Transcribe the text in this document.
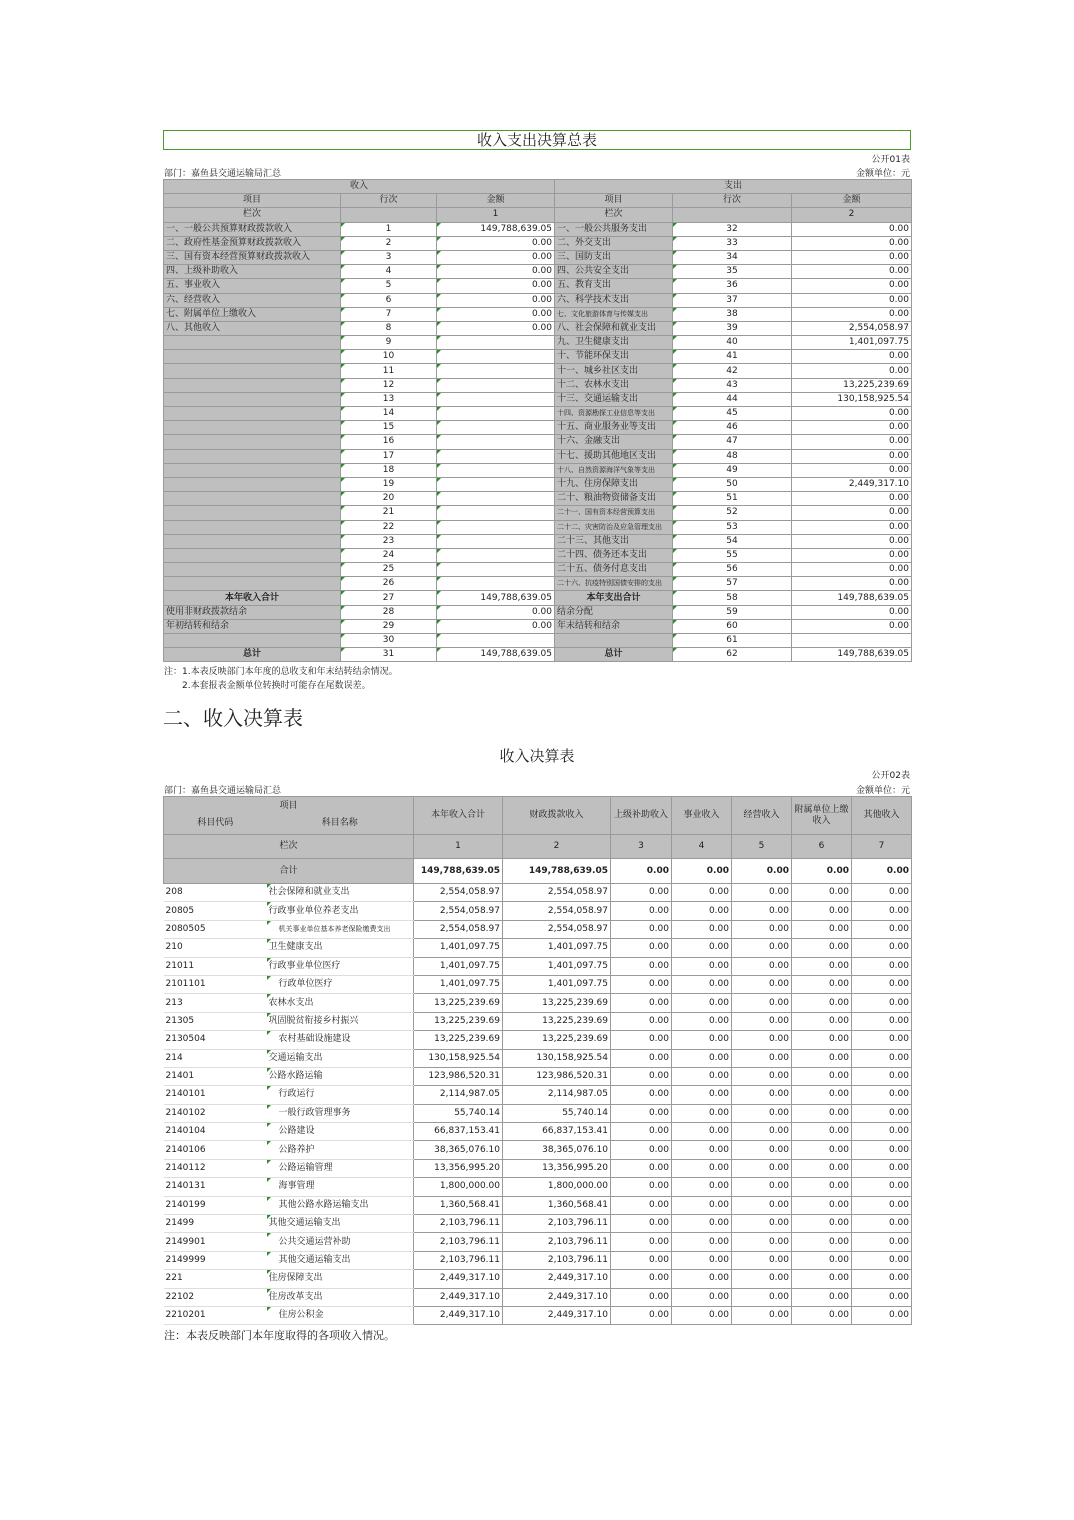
收入支出决算总表
公开01表
部门：嘉鱼县交通运输局汇总	金额单位：元
收入			支出		
项目	行次	金额	项目	行次	金额
栏次		1	栏次		2
一、一般公共预算财政拨款收入	1	149,788,639.05	一、一般公共服务支出	32	0.00
二、政府性基金预算财政拨款收入	2	0.00	二、外交支出	33	0.00
三、国有资本经营预算财政拨款收入	3	0.00	三、国防支出	34	0.00
四、上级补助收入	4	0.00	四、公共安全支出	35	0.00
五、事业收入	5	0.00	五、教育支出	36	0.00
六、经营收入	6	0.00	六、科学技术支出	37	0.00
七、附属单位上缴收入	7	0.00	七、文化旅游体育与传媒支出	38	0.00
八、其他收入	8	0.00	八、社会保障和就业支出	39	2,554,058.97
	9		九、卫生健康支出	40	1,401,097.75
	10		十、节能环保支出	41	0.00
	11		十一、城乡社区支出	42	0.00
	12		十二、农林水支出	43	13,225,239.69
	13		十三、交通运输支出	44	130,158,925.54
	14		十四、资源勘探工业信息等支出	45	0.00
	15		十五、商业服务业等支出	46	0.00
	16		十六、金融支出	47	0.00
	17		十七、援助其他地区支出	48	0.00
	18		十八、自然资源海洋气象等支出	49	0.00
	19		十九、住房保障支出	50	2,449,317.10
	20		二十、粮油物资储备支出	51	0.00
	21		二十一、国有资本经营预算支出	52	0.00
	22		二十二、灾害防治及应急管理支出	53	0.00
	23		二十三、其他支出	54	0.00
	24		二十四、债务还本支出	55	0.00
	25		二十五、债务付息支出	56	0.00
	26		二十六、抗疫特别国债安排的支出	57	0.00
本年收入合计	27	149,788,639.05	本年支出合计	58	149,788,639.05
使用非财政拨款结余	28	0.00	结余分配	59	0.00
年初结转和结余	29	0.00	年末结转和结余	60	0.00
	30			61	
总计	31	149,788,639.05	总计	62	149,788,639.05
注：1.本表反映部门本年度的总收支和年末结转结余情况。
2.本套报表金额单位转换时可能存在尾数误差。
二、收入决算表
收入决算表
公开02表
部门：嘉鱼县交通运输局汇总	金额单位：元
项目
科目代码 科目名称		本年收入合计	财政拨款收入	上级补助收入	事业收入	经营收入	附属单位上缴收入	其他收入
栏次		1	2	3	4	5	6	7
合计		149,788,639.05	149,788,639.05	0.00	0.00	0.00	0.00	0.00
208	社会保障和就业支出	2,554,058.97	2,554,058.97	0.00	0.00	0.00	0.00	0.00
20805	行政事业单位养老支出	2,554,058.97	2,554,058.97	0.00	0.00	0.00	0.00	0.00
2080505	机关事业单位基本养老保险缴费支出	2,554,058.97	2,554,058.97	0.00	0.00	0.00	0.00	0.00
210	卫生健康支出	1,401,097.75	1,401,097.75	0.00	0.00	0.00	0.00	0.00
21011	行政事业单位医疗	1,401,097.75	1,401,097.75	0.00	0.00	0.00	0.00	0.00
2101101	行政单位医疗	1,401,097.75	1,401,097.75	0.00	0.00	0.00	0.00	0.00
213	农林水支出	13,225,239.69	13,225,239.69	0.00	0.00	0.00	0.00	0.00
21305	巩固脱贫衔接乡村振兴	13,225,239.69	13,225,239.69	0.00	0.00	0.00	0.00	0.00
2130504	农村基础设施建设	13,225,239.69	13,225,239.69	0.00	0.00	0.00	0.00	0.00
214	交通运输支出	130,158,925.54	130,158,925.54	0.00	0.00	0.00	0.00	0.00
21401	公路水路运输	123,986,520.31	123,986,520.31	0.00	0.00	0.00	0.00	0.00
2140101	行政运行	2,114,987.05	2,114,987.05	0.00	0.00	0.00	0.00	0.00
2140102	一般行政管理事务	55,740.14	55,740.14	0.00	0.00	0.00	0.00	0.00
2140104	公路建设	66,837,153.41	66,837,153.41	0.00	0.00	0.00	0.00	0.00
2140106	公路养护	38,365,076.10	38,365,076.10	0.00	0.00	0.00	0.00	0.00
2140112	公路运输管理	13,356,995.20	13,356,995.20	0.00	0.00	0.00	0.00	0.00
2140131	海事管理	1,800,000.00	1,800,000.00	0.00	0.00	0.00	0.00	0.00
2140199	其他公路水路运输支出	1,360,568.41	1,360,568.41	0.00	0.00	0.00	0.00	0.00
21499	其他交通运输支出	2,103,796.11	2,103,796.11	0.00	0.00	0.00	0.00	0.00
2149901	公共交通运营补助	2,103,796.11	2,103,796.11	0.00	0.00	0.00	0.00	0.00
2149999	其他交通运输支出	2,103,796.11	2,103,796.11	0.00	0.00	0.00	0.00	0.00
221	住房保障支出	2,449,317.10	2,449,317.10	0.00	0.00	0.00	0.00	0.00
22102	住房改革支出	2,449,317.10	2,449,317.10	0.00	0.00	0.00	0.00	0.00
2210201	住房公积金	2,449,317.10	2,449,317.10	0.00	0.00	0.00	0.00	0.00
注：本表反映部门本年度取得的各项收入情况。
